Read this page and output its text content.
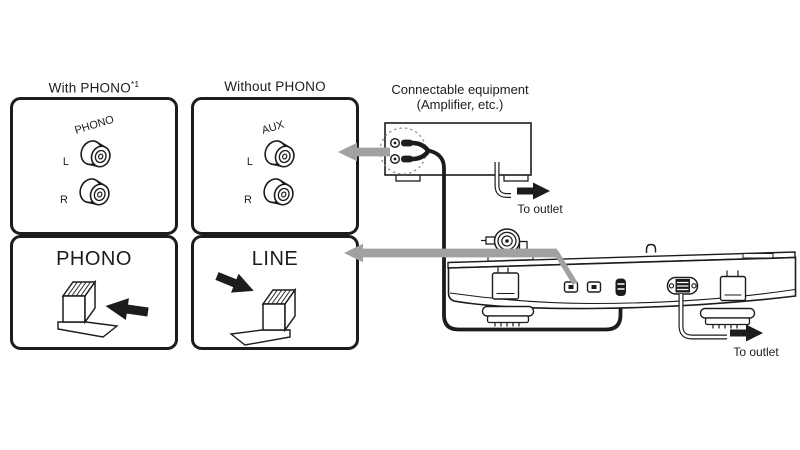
With PHONO$^{*1}$	Without PHONO	Connectable equipment
(Amplifier, etc.)
PHONO
L
R
AUX
L
R
PHONO	LINE
To outlet
To outlet
